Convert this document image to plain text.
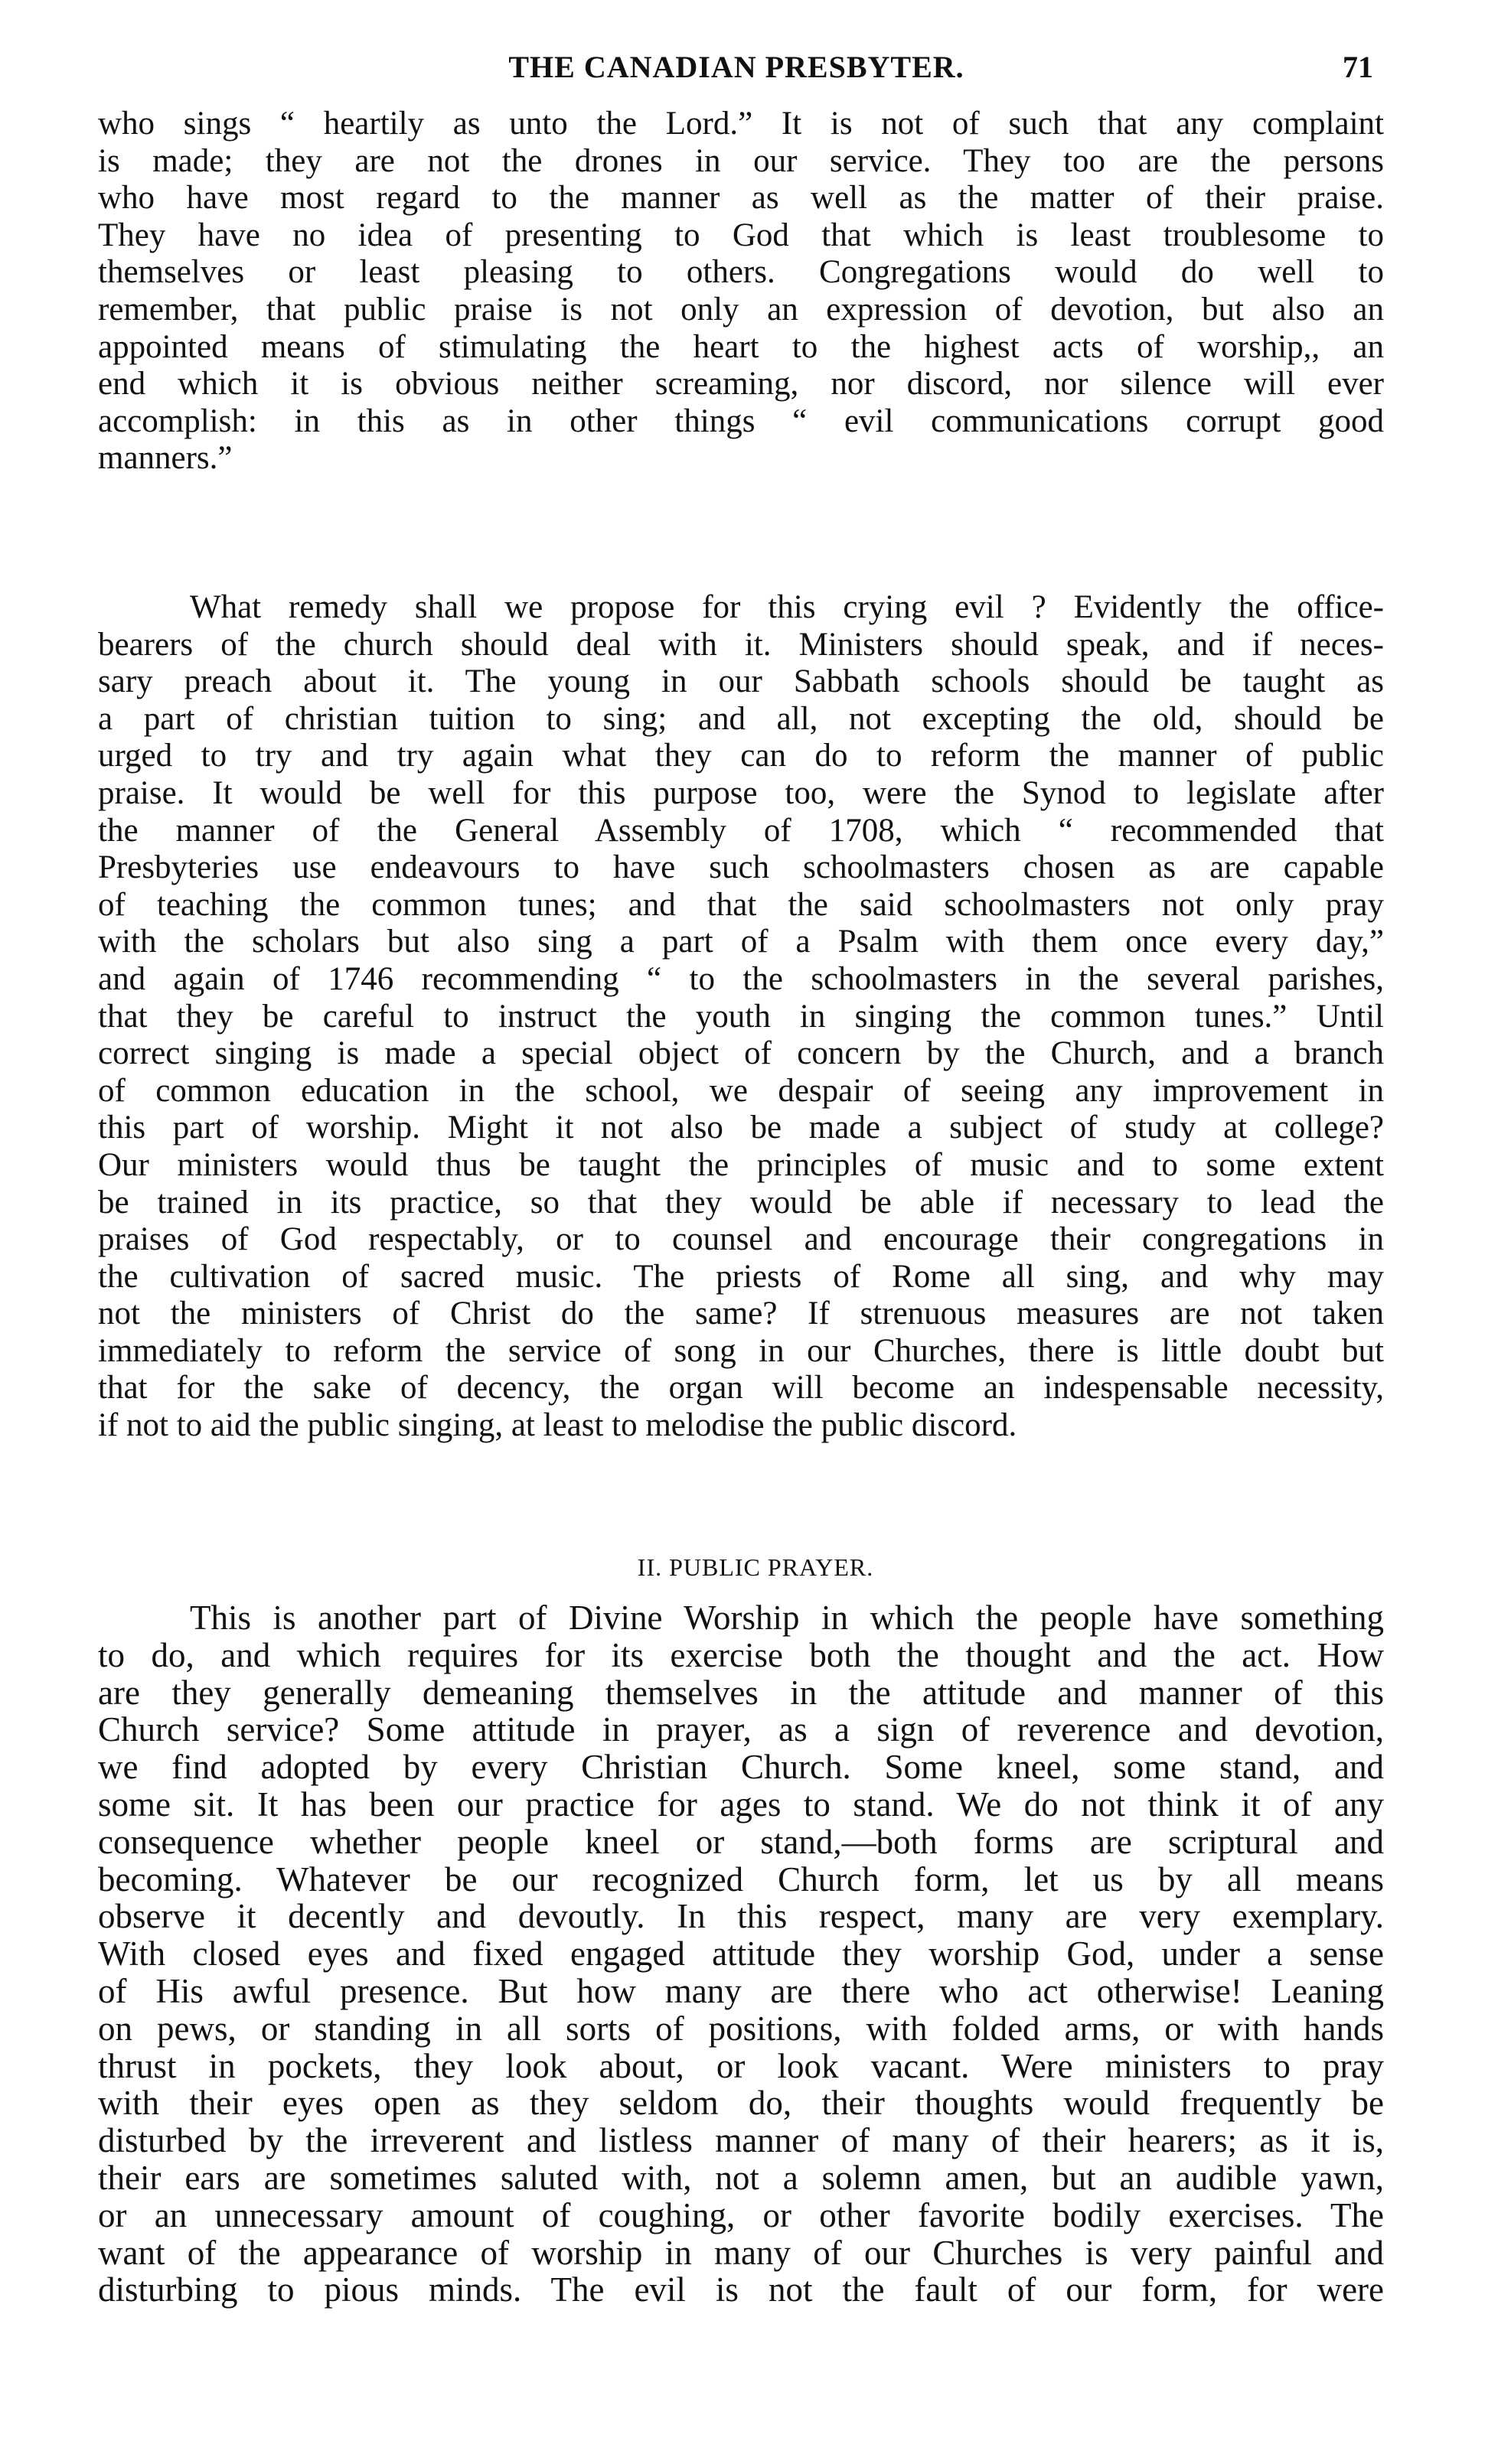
THE CANADIAN PRESBYTER.	71
who sings “ heartily as unto the Lord.” It is not of such that any complaint
is made; they are not the drones in our service. They too are the persons
who have most regard to the manner as well as the matter of their praise.
They have no idea of presenting to God that which is least troublesome to
themselves or least pleasing to others. Congregations would do well to
remember, that public praise is not only an expression of devotion, but also an
appointed means of stimulating the heart to the highest acts of worship,, an
end which it is obvious neither screaming, nor discord, nor silence will ever
accomplish: in this as in other things “ evil communications corrupt good
manners.”
What remedy shall we propose for this crying evil ? Evidently the office-
bearers of the church should deal with it. Ministers should speak, and if neces-
sary preach about it. The young in our Sabbath schools should be taught as
a part of christian tuition to sing; and all, not excepting the old, should be
urged to try and try again what they can do to reform the manner of public
praise. It would be well for this purpose too, were the Synod to legislate after
the manner of the General Assembly of 1708, which “ recommended that
Presbyteries use endeavours to have such schoolmasters chosen as are capable
of teaching the common tunes; and that the said schoolmasters not only pray
with the scholars but also sing a part of a Psalm with them once every day,”
and again of 1746 recommending “ to the schoolmasters in the several parishes,
that they be careful to instruct the youth in singing the common tunes.” Until
correct singing is made a special object of concern by the Church, and a branch
of common education in the school, we despair of seeing any improvement in
this part of worship. Might it not also be made a subject of study at college?
Our ministers would thus be taught the principles of music and to some extent
be trained in its practice, so that they would be able if necessary to lead the
praises of God respectably, or to counsel and encourage their congregations in
the cultivation of sacred music. The priests of Rome all sing, and why may
not the ministers of Christ do the same? If strenuous measures are not taken
immediately to reform the service of song in our Churches, there is little doubt but
that for the sake of decency, the organ will become an indespensable necessity,
if not to aid the public singing, at least to melodise the public discord.
II. PUBLIC PRAYER.
This is another part of Divine Worship in which the people have something
to do, and which requires for its exercise both the thought and the act. How
are they generally demeaning themselves in the attitude and manner of this
Church service? Some attitude in prayer, as a sign of reverence and devotion,
we find adopted by every Christian Church. Some kneel, some stand, and
some sit. It has been our practice for ages to stand. We do not think it of any
consequence whether people kneel or stand,—both forms are scriptural and
becoming. Whatever be our recognized Church form, let us by all means
observe it decently and devoutly. In this respect, many are very exemplary.
With closed eyes and fixed engaged attitude they worship God, under a sense
of His awful presence. But how many are there who act otherwise! Leaning
on pews, or standing in all sorts of positions, with folded arms, or with hands
thrust in pockets, they look about, or look vacant. Were ministers to pray
with their eyes open as they seldom do, their thoughts would frequently be
disturbed by the irreverent and listless manner of many of their hearers; as it is,
their ears are sometimes saluted with, not a solemn amen, but an audible yawn,
or an unnecessary amount of coughing, or other favorite bodily exercises. The
want of the appearance of worship in many of our Churches is very painful and
disturbing to pious minds. The evil is not the fault of our form, for were
